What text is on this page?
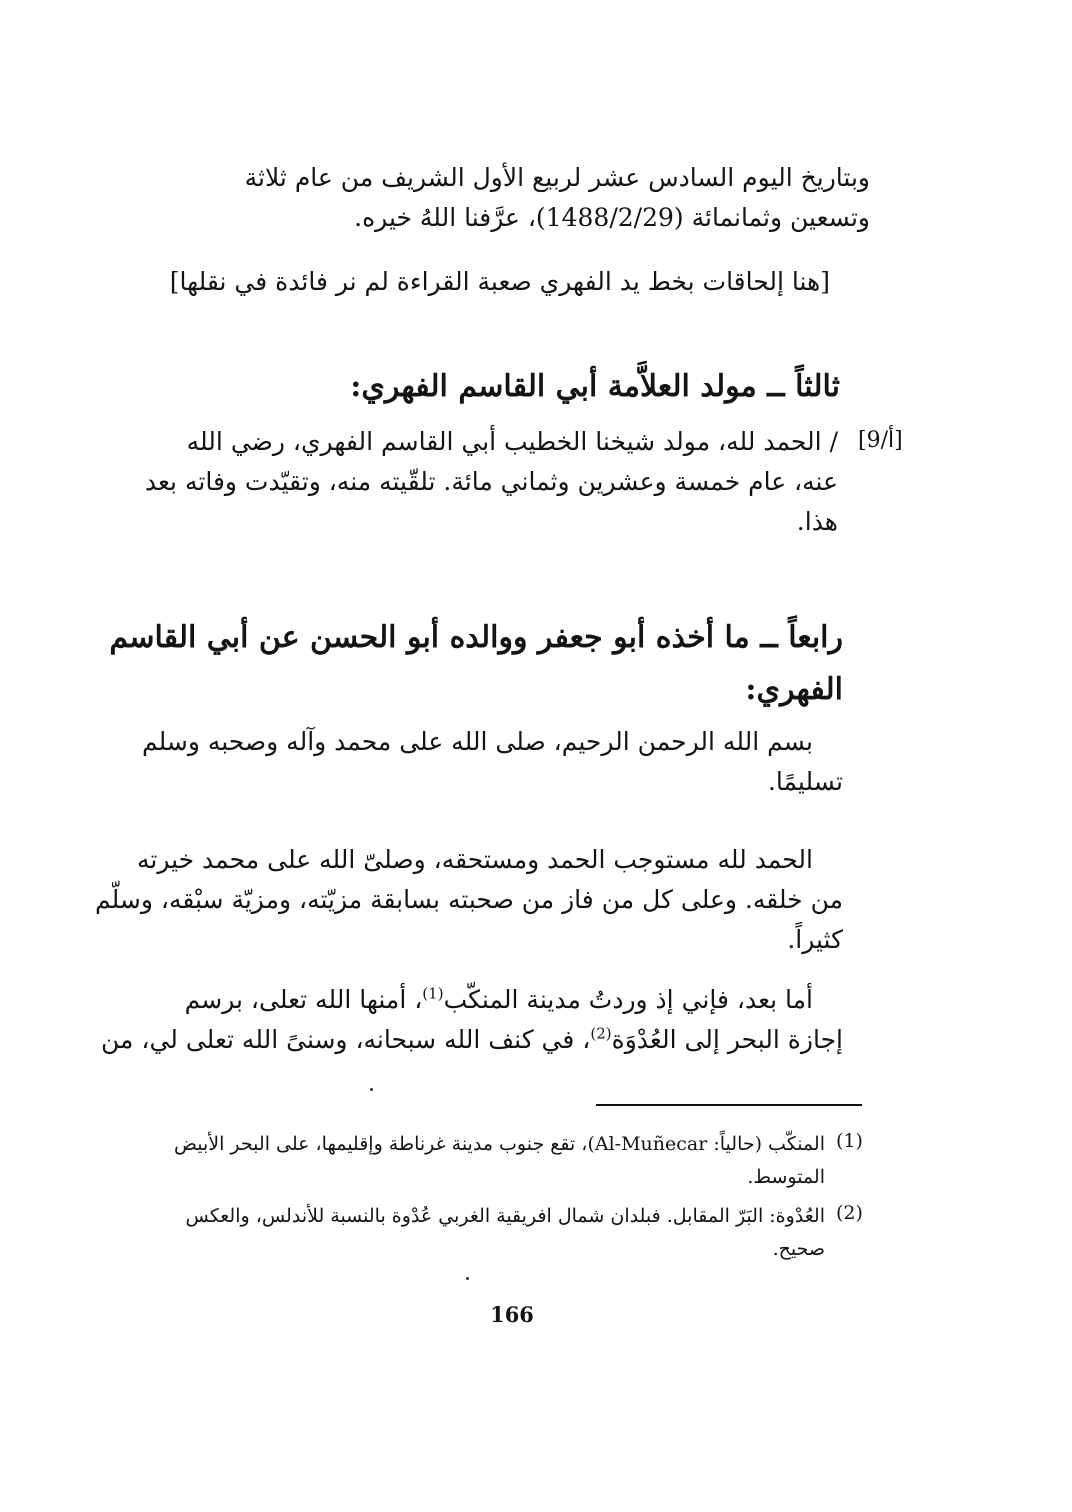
وبتاريخ اليوم السادس عشر لربيع الأول الشريف من عام ثلاثة
وتسعين وثمانمائة (1488/2/29)، عرَّفنا اللهُ خيره.
[هنا إلحاقات بخط يد الفهري صعبة القراءة لم نر فائدة في نقلها]
ثالثاً ــ مولد العلاَّمة أبي القاسم الفهري:
[9/أ]
/ الحمد لله، مولد شيخنا الخطيب أبي القاسم الفهري، رضي الله
عنه، عام خمسة وعشرين وثماني مائة. تلقّيته منه، وتقيّدت وفاته بعد
هذا.
رابعاً ــ ما أخذه أبو جعفر ووالده أبو الحسن عن أبي القاسم
الفهري:
بسم الله الرحمن الرحيم، صلى الله على محمد وآله وصحبه وسلم
تسليمًا.
الحمد لله مستوجب الحمد ومستحقه، وصلىّ الله على محمد خيرته
من خلقه. وعلى كل من فاز من صحبته بسابقة مزيّته، ومزيّة سبْقه، وسلّم
كثيراً.
أما بعد، فإني إذ وردتُ مدينة المنكّب$^{(1)}$، أمنها الله تعلى، برسم
إجازة البحر إلى العُدْوَة$^{(2)}$، في كنف الله سبحانه، وسنىً الله تعلى لي، من
(1)
المنكّب (حالياً: Al-Muñecar)، تقع جنوب مدينة غرناطة وإقليمها، على البحر الأبيض
المتوسط.
(2)
العُدْوة: البَرّ المقابل. فبلدان شمال افريقية الغربي عُدْوة بالنسبة للأندلس، والعكس
صحيح.
166
